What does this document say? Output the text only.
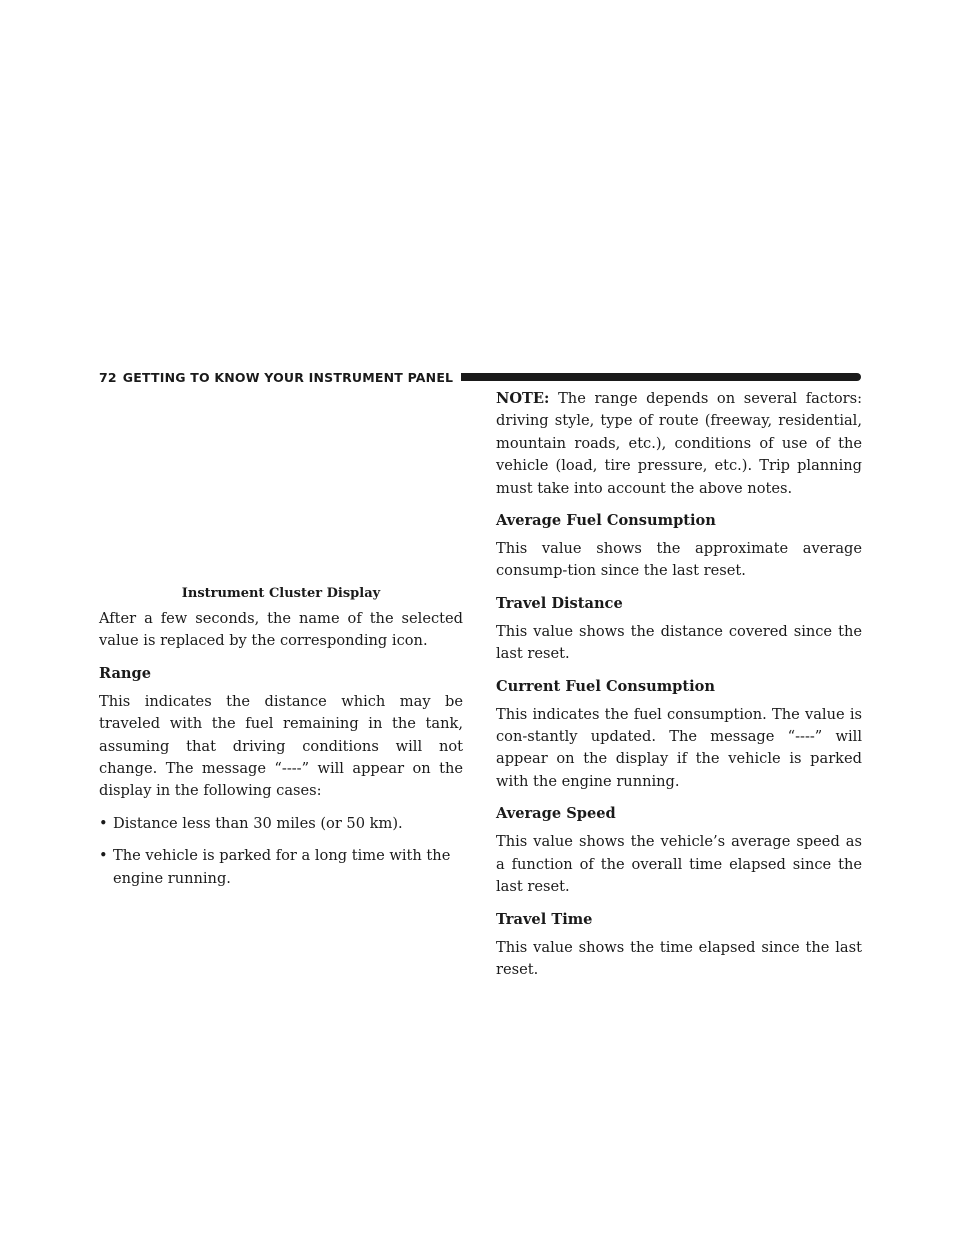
72 GETTING TO KNOW YOUR INSTRUMENT PANEL
Instrument Cluster Display

After a few seconds, the name of the selected value is replaced by the corresponding icon.

Range

This indicates the distance which may be traveled with the fuel remaining in the tank, assuming that driving conditions will not change. The message “----” will appear on the display in the following cases:

• Distance less than 30 miles (or 50 km).
• The vehicle is parked for a long time with the engine running.

NOTE: The range depends on several factors: driving style, type of route (freeway, residential, mountain roads, etc.), conditions of use of the vehicle (load, tire pressure, etc.). Trip planning must take into account the above notes.

Average Fuel Consumption

This value shows the approximate average consump-tion since the last reset.

Travel Distance

This value shows the distance covered since the last reset.

Current Fuel Consumption

This indicates the fuel consumption. The value is con-stantly updated. The message “----” will appear on the display if the vehicle is parked with the engine running.

Average Speed

This value shows the vehicle’s average speed as a function of the overall time elapsed since the last reset.

Travel Time

This value shows the time elapsed since the last reset.
